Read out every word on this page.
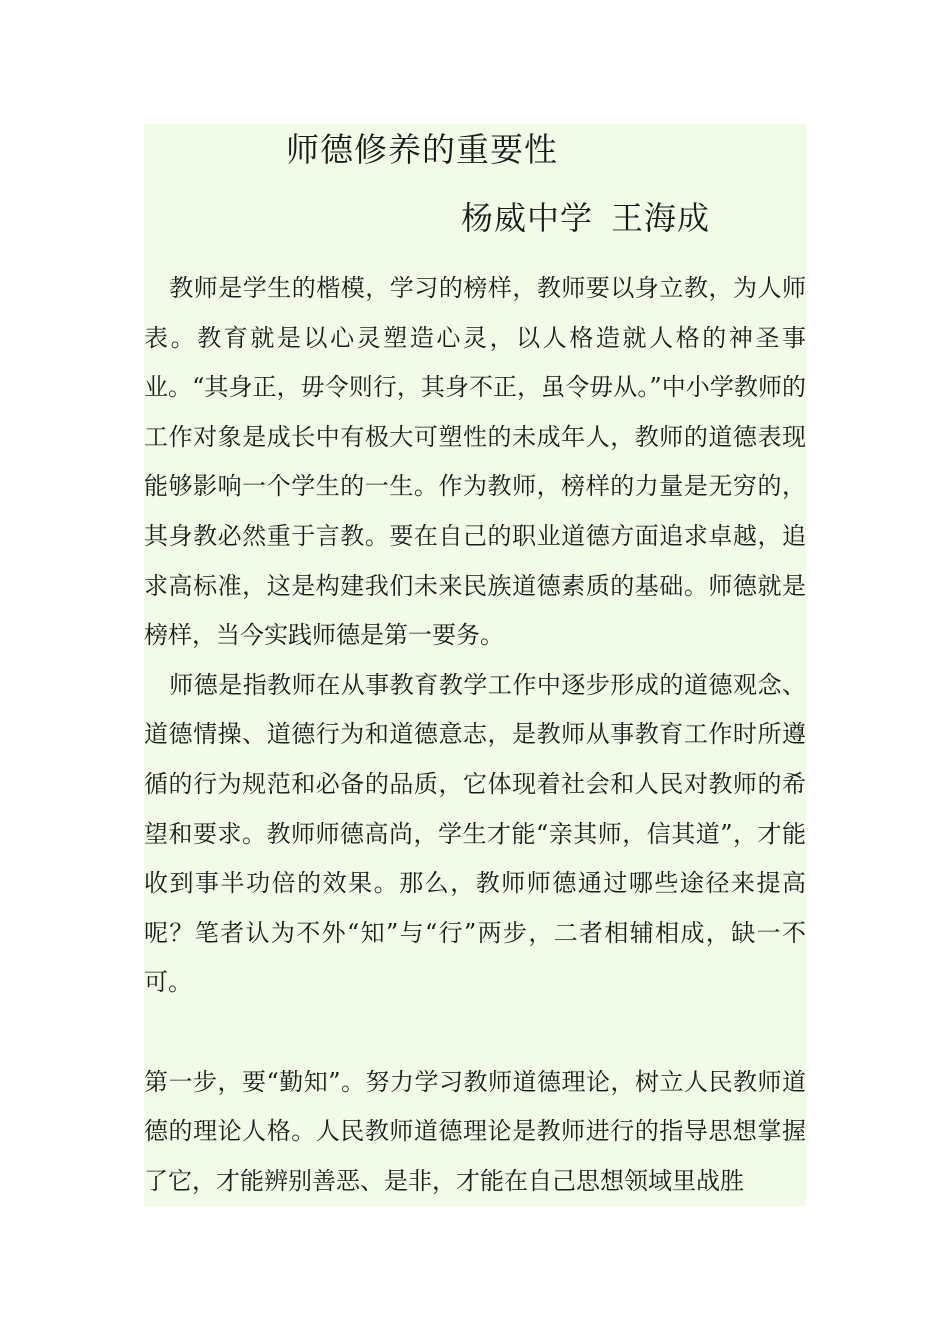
师德修养的重要性
杨威中学 王海成

教师是学生的楷模，学习的榜样，教师要以身立教，为人师表。教育就是以心灵塑造心灵，以人格造就人格的神圣事业。“其身正，毋令则行，其身不正，虽令毋从。”中小学教师的工作对象是成长中有极大可塑性的未成年人，教师的道德表现能够影响一个学生的一生。作为教师，榜样的力量是无穷的，其身教必然重于言教。要在自己的职业道德方面追求卓越，追求高标准，这是构建我们未来民族道德素质的基础。师德就是榜样，当今实践师德是第一要务。

师德是指教师在从事教育教学工作中逐步形成的道德观念、道德情操、道德行为和道德意志，是教师从事教育工作时所遵循的行为规范和必备的品质，它体现着社会和人民对教师的希望和要求。教师师德高尚，学生才能“亲其师，信其道”，才能收到事半功倍的效果。那么，教师师德通过哪些途径来提高呢？笔者认为不外“知”与“行”两步，二者相辅相成，缺一不可。

第一步，要“勤知”。努力学习教师道德理论，树立人民教师道德的理论人格。人民教师道德理论是教师进行的指导思想掌握了它，才能辨别善恶、是非，才能在自己思想领域里战胜
